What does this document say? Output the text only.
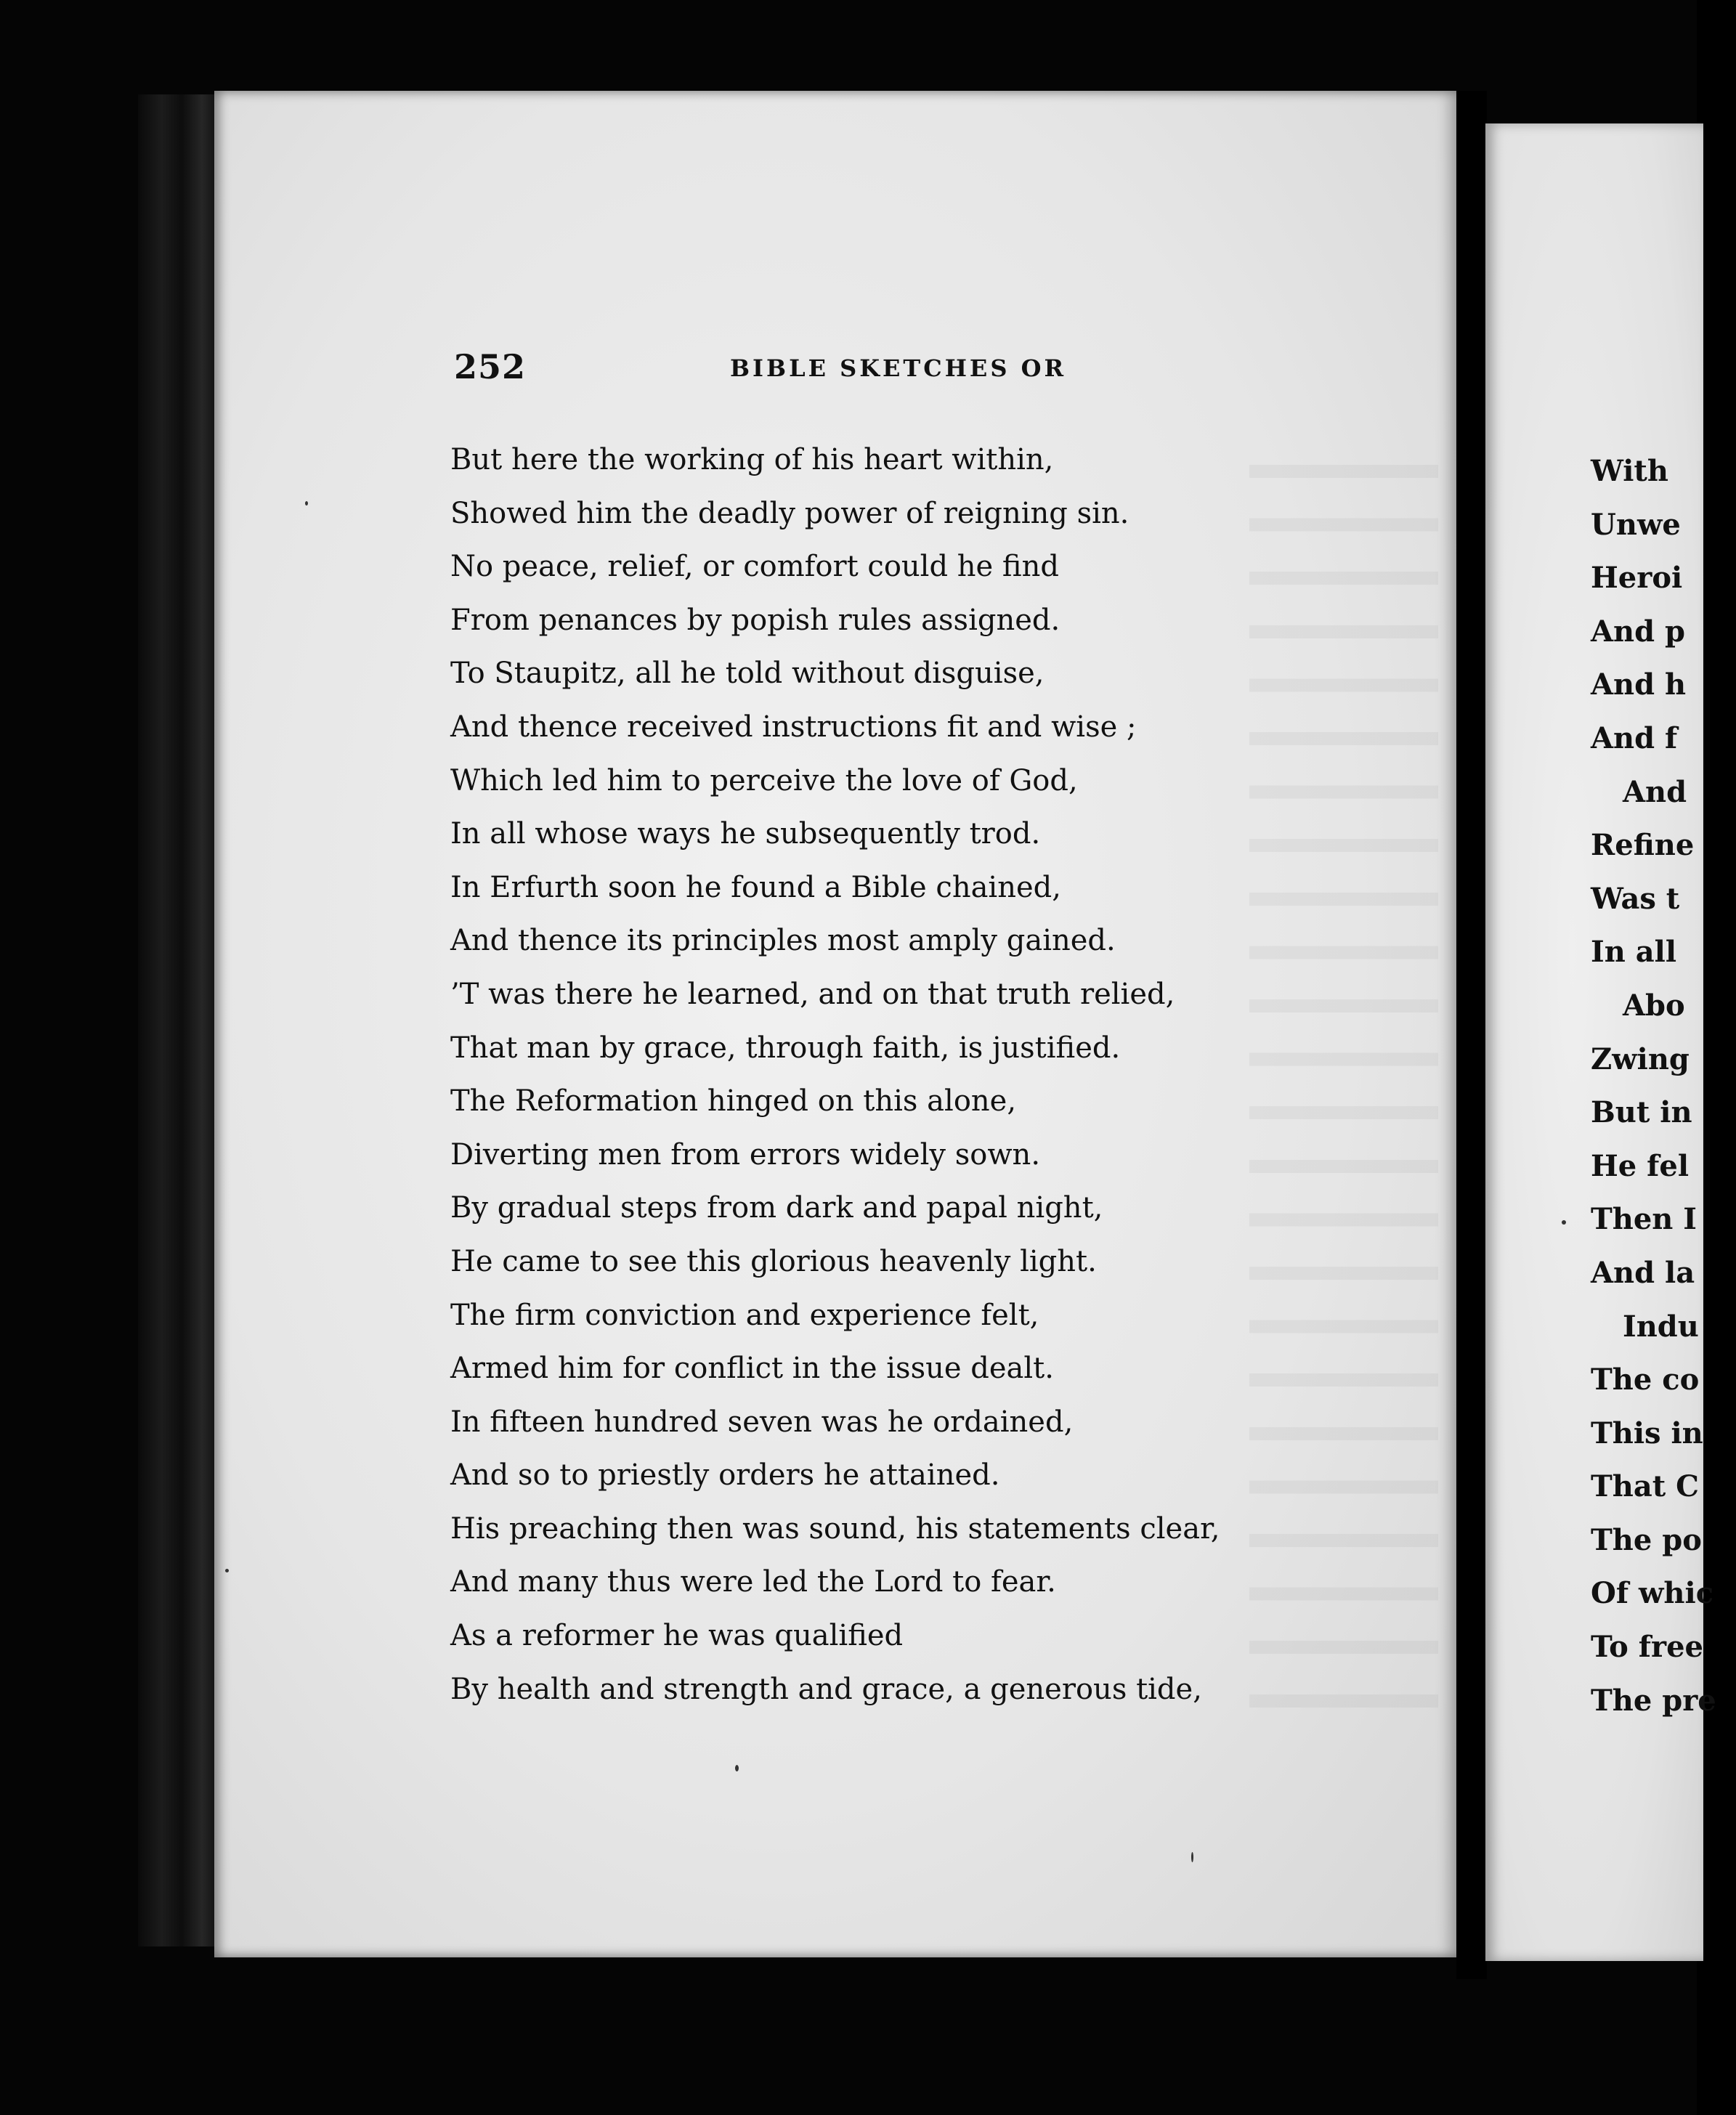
252	BIBLE SKETCHES OR
But here the working of his heart within,
Showed him the deadly power of reigning sin.
No peace, relief, or comfort could he find
From penances by popish rules assigned.
To Staupitz, all he told without disguise,
And thence received instructions fit and wise ;
Which led him to perceive the love of God,
In all whose ways he subsequently trod.
In Erfurth soon he found a Bible chained,
And thence its principles most amply gained.
’T was there he learned, and on that truth relied,
That man by grace, through faith, is justified.
The Reformation hinged on this alone,
Diverting men from errors widely sown.
By gradual steps from dark and papal night,
He came to see this glorious heavenly light.
The firm conviction and experience felt,
Armed him for conflict in the issue dealt.
In fifteen hundred seven was he ordained,
And so to priestly orders he attained.
His preaching then was sound, his statements clear,
And many thus were led the Lord to fear.
As a reformer he was qualified
By health and strength and grace, a generous tide,
With
Unwe
Heroi
And p
And h
And f
And
Refine
Was t
In all
Abo
Zwing
But in
He fel
Then I
And la
Indu
The co
This in
That C
The po
Of whic
To free
The pre
